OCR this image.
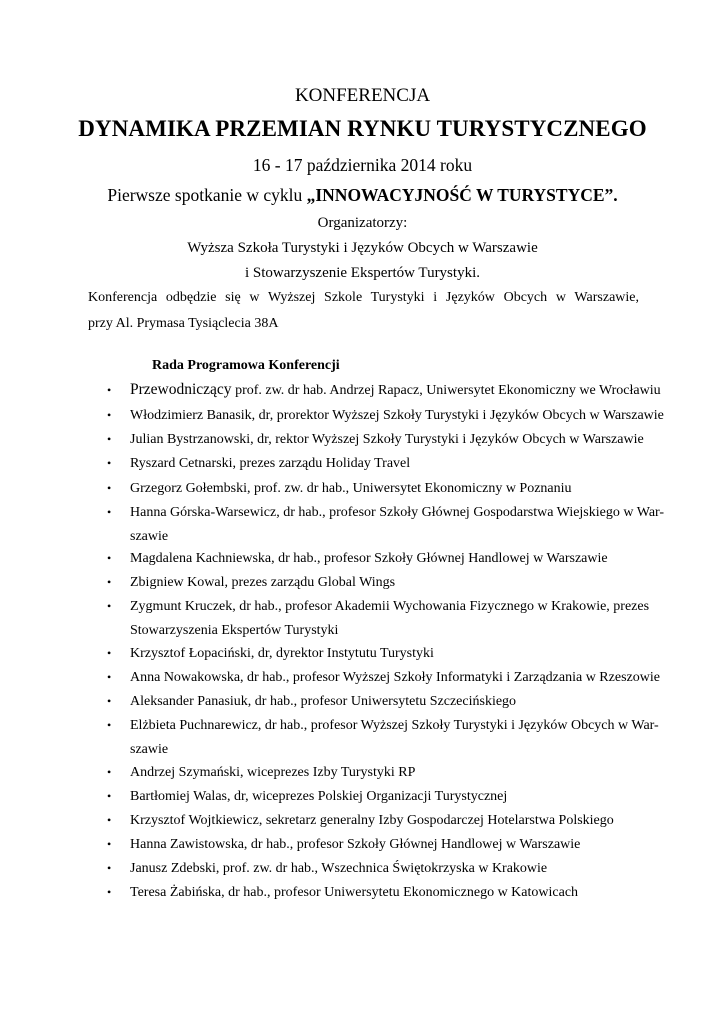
KONFERENCJA
DYNAMIKA PRZEMIAN RYNKU TURYSTYCZNEGO
16 - 17 października 2014 roku
Pierwsze spotkanie w cyklu „INNOWACYJNOŚĆ W TURYSTYCE”.
Organizatorzy:
Wyższa Szkoła Turystyki i Języków Obcych w Warszawie
i Stowarzyszenie Ekspertów Turystyki.
Konferencja odbędzie się w Wyższej Szkole Turystyki i Języków Obcych w Warszawie,
przy Al. Prymasa Tysiąclecia 38A
Rada Programowa Konferencji
• Przewodniczący prof. zw. dr hab. Andrzej Rapacz, Uniwersytet Ekonomiczny we Wrocławiu
• Włodzimierz Banasik, dr, prorektor Wyższej Szkoły Turystyki i Języków Obcych w Warszawie
• Julian Bystrzanowski, dr, rektor Wyższej Szkoły Turystyki i Języków Obcych w Warszawie
• Ryszard Cetnarski, prezes zarządu Holiday Travel
• Grzegorz Gołembski, prof. zw. dr hab., Uniwersytet Ekonomiczny w Poznaniu
• Hanna Górska-Warsewicz, dr hab., profesor Szkoły Głównej Gospodarstwa Wiejskiego w War-
szawie
• Magdalena Kachniewska, dr hab., profesor Szkoły Głównej Handlowej w Warszawie
• Zbigniew Kowal, prezes zarządu Global Wings
• Zygmunt Kruczek, dr hab., profesor Akademii Wychowania Fizycznego w Krakowie, prezes
Stowarzyszenia Ekspertów Turystyki
• Krzysztof Łopaciński, dr, dyrektor Instytutu Turystyki
• Anna Nowakowska, dr hab., profesor Wyższej Szkoły Informatyki i Zarządzania w Rzeszowie
• Aleksander Panasiuk, dr hab., profesor Uniwersytetu Szczecińskiego
• Elżbieta Puchnarewicz, dr hab., profesor Wyższej Szkoły Turystyki i Języków Obcych w War-
szawie
• Andrzej Szymański, wiceprezes Izby Turystyki RP
• Bartłomiej Walas, dr, wiceprezes Polskiej Organizacji Turystycznej
• Krzysztof Wojtkiewicz, sekretarz generalny Izby Gospodarczej Hotelarstwa Polskiego
• Hanna Zawistowska, dr hab., profesor Szkoły Głównej Handlowej w Warszawie
• Janusz Zdebski, prof. zw. dr hab., Wszechnica Świętokrzyska w Krakowie
• Teresa Żabińska, dr hab., profesor Uniwersytetu Ekonomicznego w Katowicach
